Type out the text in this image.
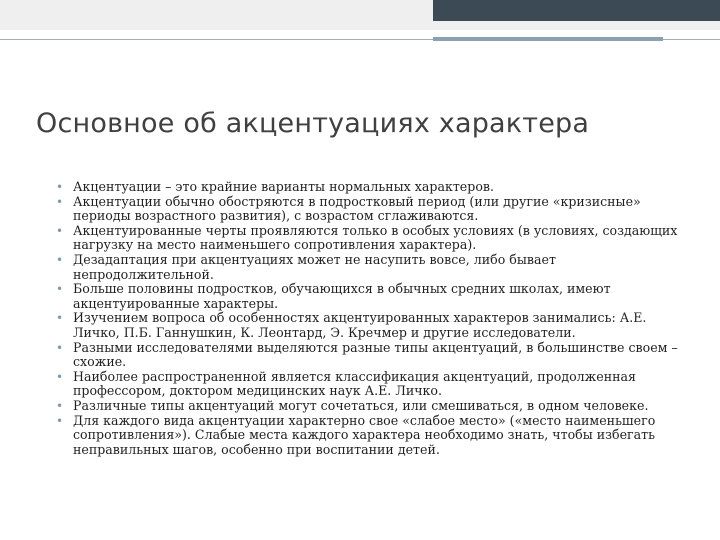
Основное об акцентуациях характера
• Акцентуации – это крайние варианты нормальных характеров.
• Акцентуации обычно обостряются в подростковый период (или другие «кризисные» периоды возрастного развития), с возрастом сглаживаются.
• Акцентуированные черты проявляются только в особых условиях (в условиях, создающих нагрузку на место наименьшего сопротивления характера).
• Дезадаптация при акцентуациях может не насупить вовсе, либо бывает непродолжительной.
• Больше половины подростков, обучающихся в обычных средних школах, имеют акцентуированные характеры.
• Изучением вопроса об особенностях акцентуированных характеров занимались: А.Е. Личко, П.Б. Ганнушкин, К. Леонтард, Э. Кречмер и другие исследователи.
• Разными исследователями выделяются разные типы акцентуаций, в большинстве своем – схожие.
• Наиболее распространенной является классификация акцентуаций, продолженная профессором, доктором медицинских наук А.Е. Личко.
• Различные типы акцентуаций могут сочетаться, или смешиваться, в одном человеке.
• Для каждого вида акцентуации характерно свое «слабое место» («место наименьшего сопротивления»). Слабые места каждого характера необходимо знать, чтобы избегать неправильных шагов, особенно при воспитании детей.
